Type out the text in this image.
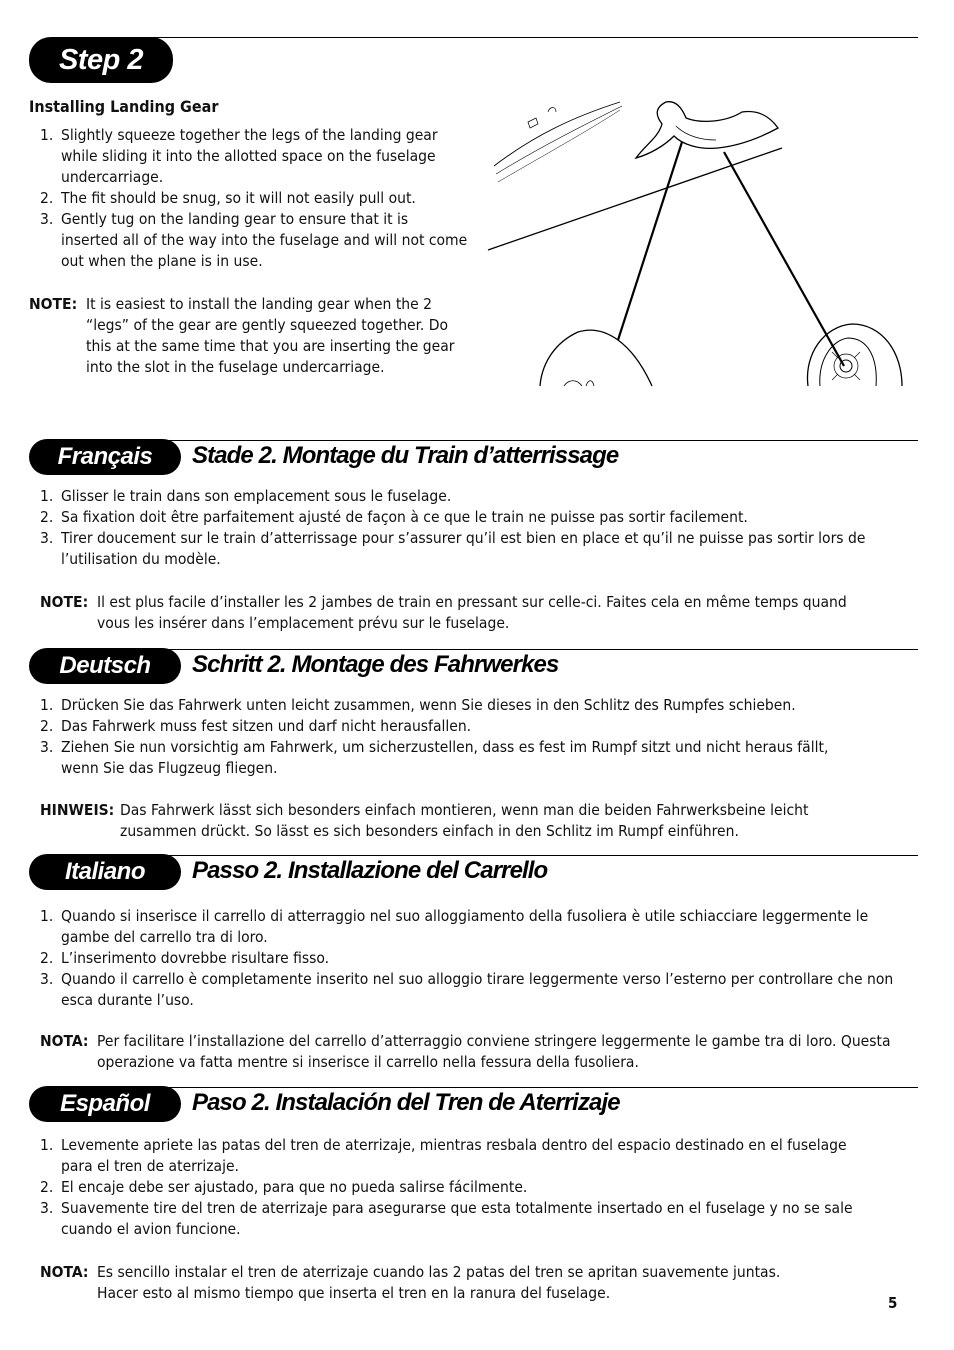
Step 2
Installing Landing Gear
1. Slightly squeeze together the legs of the landing gear while sliding it into the allotted space on the fuselage undercarriage.
2. The fit should be snug, so it will not easily pull out.
3. Gently tug on the landing gear to ensure that it is inserted all of the way into the fuselage and will not come out when the plane is in use.
NOTE: It is easiest to install the landing gear when the 2 “legs” of the gear are gently squeezed together. Do this at the same time that you are inserting the gear into the slot in the fuselage undercarriage.
Français	Stade 2. Montage du Train d’atterrissage
1. Glisser le train dans son emplacement sous le fuselage.
2. Sa fixation doit être parfaitement ajusté de façon à ce que le train ne puisse pas sortir facilement.
3. Tirer doucement sur le train d’atterrissage pour s’assurer qu’il est bien en place et qu’il ne puisse pas sortir lors de l’utilisation du modèle.
NOTE: Il est plus facile d’installer les 2 jambes de train en pressant sur celle-ci. Faites cela en même temps quand vous les insérer dans l’emplacement prévu sur le fuselage.
Deutsch	Schritt 2. Montage des Fahrwerkes
1. Drücken Sie das Fahrwerk unten leicht zusammen, wenn Sie dieses in den Schlitz des Rumpfes schieben.
2. Das Fahrwerk muss fest sitzen und darf nicht herausfallen.
3. Ziehen Sie nun vorsichtig am Fahrwerk, um sicherzustellen, dass es fest im Rumpf sitzt und nicht heraus fällt, wenn Sie das Flugzeug fliegen.
HINWEIS: Das Fahrwerk lässt sich besonders einfach montieren, wenn man die beiden Fahrwerksbeine leicht zusammen drückt. So lässt es sich besonders einfach in den Schlitz im Rumpf einführen.
Italiano	Passo 2. Installazione del Carrello
1. Quando si inserisce il carrello di atterraggio nel suo alloggiamento della fusoliera è utile schiacciare leggermente le gambe del carrello tra di loro.
2. L’inserimento dovrebbe risultare fisso.
3. Quando il carrello è completamente inserito nel suo alloggio tirare leggermente verso l’esterno per controllare che non esca durante l’uso.
NOTA: Per facilitare l’installazione del carrello d’atterraggio conviene stringere leggermente le gambe tra di loro. Questa operazione va fatta mentre si inserisce il carrello nella fessura della fusoliera.
Español	Paso 2. Instalación del Tren de Aterrizaje
1. Levemente apriete las patas del tren de aterrizaje, mientras resbala dentro del espacio destinado en el fuselage para el tren de aterrizaje.
2. El encaje debe ser ajustado, para que no pueda salirse fácilmente.
3. Suavemente tire del tren de aterrizaje para asegurarse que esta totalmente insertado en el fuselage y no se sale cuando el avion funcione.
NOTA: Es sencillo instalar el tren de aterrizaje cuando las 2 patas del tren se apritan suavemente juntas. Hacer esto al mismo tiempo que inserta el tren en la ranura del fuselage.
5
